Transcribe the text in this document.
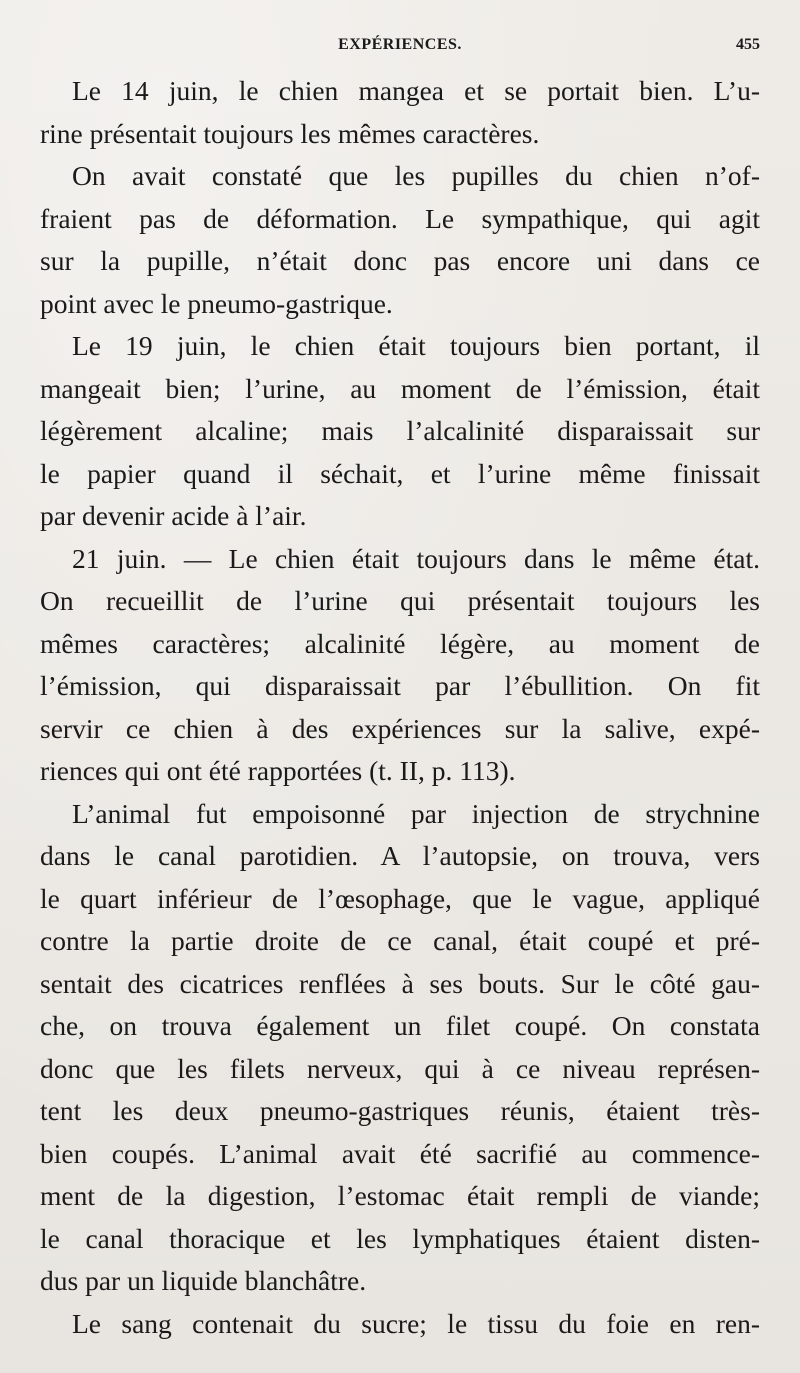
EXPÉRIENCES.	455
Le 14 juin, le chien mangea et se portait bien. L’u-
rine présentait toujours les mêmes caractères.
On avait constaté que les pupilles du chien n’of-
fraient pas de déformation. Le sympathique, qui agit
sur la pupille, n’était donc pas encore uni dans ce
point avec le pneumo-gastrique.
Le 19 juin, le chien était toujours bien portant, il
mangeait bien; l’urine, au moment de l’émission, était
légèrement alcaline; mais l’alcalinité disparaissait sur
le papier quand il séchait, et l’urine même finissait
par devenir acide à l’air.
21 juin. — Le chien était toujours dans le même état.
On recueillit de l’urine qui présentait toujours les
mêmes caractères; alcalinité légère, au moment de
l’émission, qui disparaissait par l’ébullition. On fit
servir ce chien à des expériences sur la salive, expé-
riences qui ont été rapportées (t. II, p. 113).
L’animal fut empoisonné par injection de strychnine
dans le canal parotidien. A l’autopsie, on trouva, vers
le quart inférieur de l’œsophage, que le vague, appliqué
contre la partie droite de ce canal, était coupé et pré-
sentait des cicatrices renflées à ses bouts. Sur le côté gau-
che, on trouva également un filet coupé. On constata
donc que les filets nerveux, qui à ce niveau représen-
tent les deux pneumo-gastriques réunis, étaient très-
bien coupés. L’animal avait été sacrifié au commence-
ment de la digestion, l’estomac était rempli de viande;
le canal thoracique et les lymphatiques étaient disten-
dus par un liquide blanchâtre.
Le sang contenait du sucre; le tissu du foie en ren-
